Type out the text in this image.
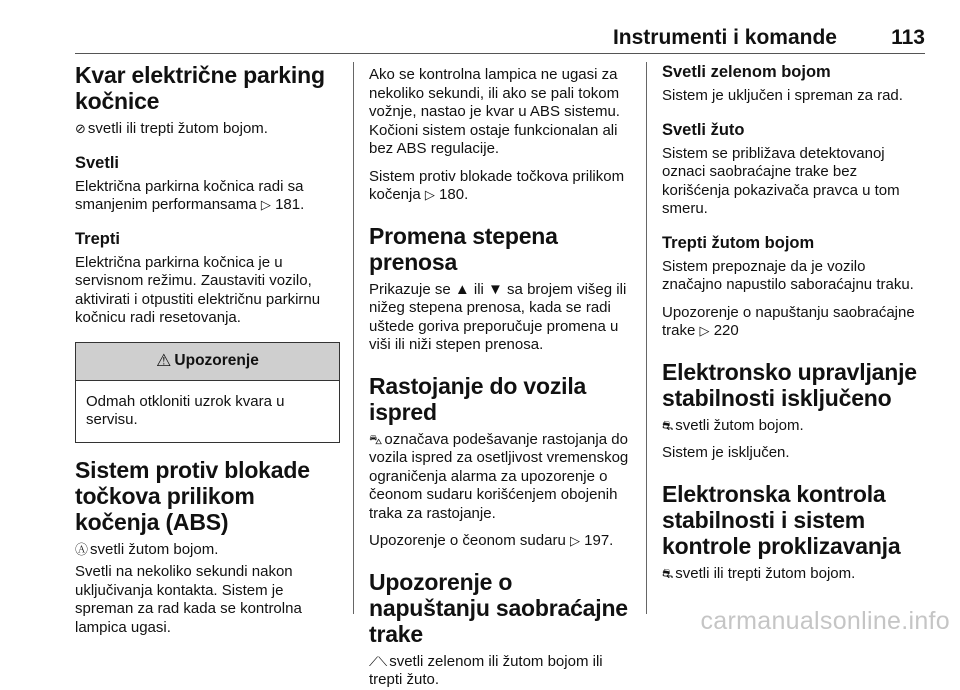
Instrumenti i komande	113
Kvar električne parking kočnice

⊘ svetli ili trepti žutom bojom.

Svetli

Električna parkirna kočnica radi sa smanjenim performansama ▷ 181.

Trepti

Električna parkirna kočnica je u servisnom režimu. Zaustaviti vozilo, aktivirati i otpustiti električnu parkirnu kočnicu radi resetovanja.

⚠ Upozorenje
Odmah otkloniti uzrok kvara u servisu.
Sistem protiv blokade točkova prilikom kočenja (ABS)

Ⓐ svetli žutom bojom.

Svetli na nekoliko sekundi nakon uključivanja kontakta. Sistem je spreman za rad kada se kontrolna lampica ugasi.

Ako se kontrolna lampica ne ugasi za nekoliko sekundi, ili ako se pali tokom vožnje, nastao je kvar u ABS sistemu. Kočioni sistem ostaje funkcionalan ali bez ABS regulacije.

Sistem protiv blokade točkova prilikom kočenja ▷ 180.

Promena stepena prenosa

Prikazuje se ▲ ili ▼ sa brojem višeg ili nižeg stepena prenosa, kada se radi uštede goriva preporučuje promena u viši ili niži stepen prenosa.

Rastojanje do vozila ispred

⛍ označava podešavanje rastojanja do vozila ispred za osetljivost vremenskog ograničenja alarma za upozorenje o čeonom sudaru korišćenjem obojenih traka za rastojanje.

Upozorenje o čeonom sudaru ▷ 197.

Upozorenje o napuštanju saobraćajne trake

⟋⟍ svetli zelenom ili žutom bojom ili trepti žuto.

Svetli zelenom bojom

Sistem je uključen i spreman za rad.

Svetli žuto

Sistem se približava detektovanoj oznaci saobraćajne trake bez korišćenja pokazivača pravca u tom smeru.

Trepti žutom bojom

Sistem prepoznaje da je vozilo značajno napustilo saboraćajnu traku.

Upozorenje o napuštanju saobraćajne trake ▷ 220

Elektronsko upravljanje stabilnosti isključeno

⛐ svetli žutom bojom.

Sistem je isključen.

Elektronska kontrola stabilnosti i sistem kontrole proklizavanja

⛐ svetli ili trepti žutom bojom.

carmanualsonline.info
